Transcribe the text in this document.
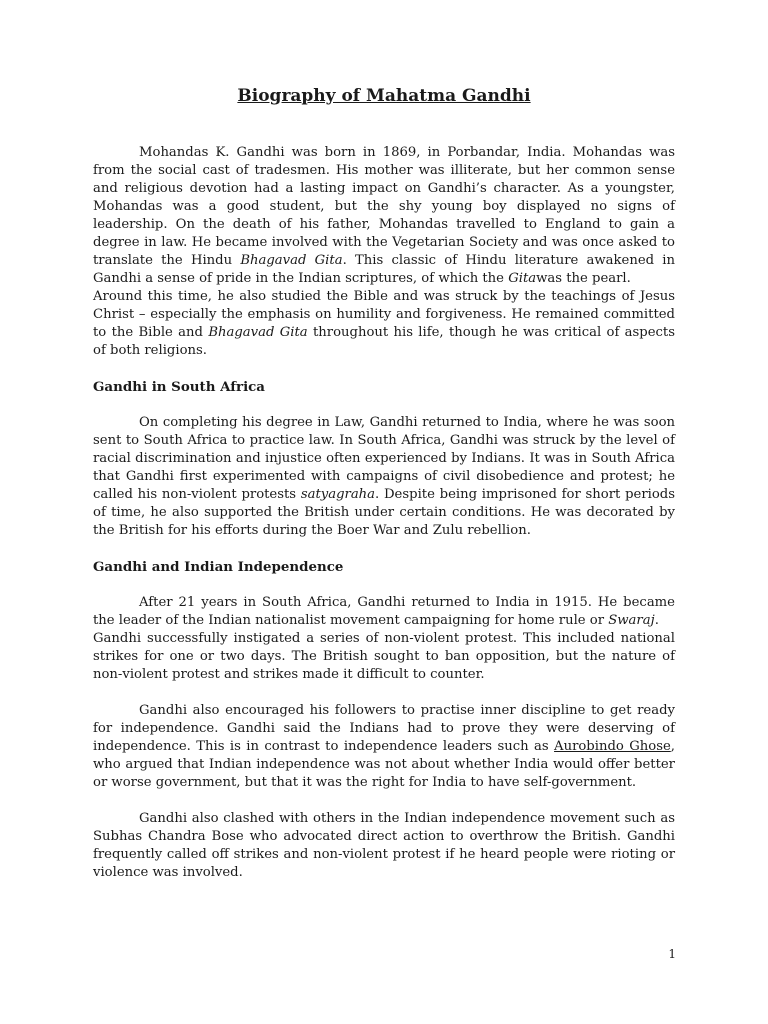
Biography of Mahatma Gandhi

Mohandas K. Gandhi was born in 1869, in Porbandar, India. Mohandas was from the social cast of tradesmen. His mother was illiterate, but her common sense and religious devotion had a lasting impact on Gandhi’s character. As a youngster, Mohandas was a good student, but the shy young boy displayed no signs of leadership. On the death of his father, Mohandas travelled to England to gain a degree in law. He became involved with the Vegetarian Society and was once asked to translate the Hindu Bhagavad Gita. This classic of Hindu literature awakened in Gandhi a sense of pride in the Indian scriptures, of which the Gitawas the pearl.

Around this time, he also studied the Bible and was struck by the teachings of Jesus Christ – especially the emphasis on humility and forgiveness. He remained committed to the Bible and Bhagavad Gita throughout his life, though he was critical of aspects of both religions.

Gandhi in South Africa

On completing his degree in Law, Gandhi returned to India, where he was soon sent to South Africa to practice law. In South Africa, Gandhi was struck by the level of racial discrimination and injustice often experienced by Indians. It was in South Africa that Gandhi first experimented with campaigns of civil disobedience and protest; he called his non-violent protests satyagraha. Despite being imprisoned for short periods of time, he also supported the British under certain conditions. He was decorated by the British for his efforts during the Boer War and Zulu rebellion.

Gandhi and Indian Independence

After 21 years in South Africa, Gandhi returned to India in 1915. He became the leader of the Indian nationalist movement campaigning for home rule or Swaraj.

Gandhi successfully instigated a series of non-violent protest. This included national strikes for one or two days. The British sought to ban opposition, but the nature of non-violent protest and strikes made it difficult to counter.

Gandhi also encouraged his followers to practise inner discipline to get ready for independence. Gandhi said the Indians had to prove they were deserving of independence. This is in contrast to independence leaders such as Aurobindo Ghose, who argued that Indian independence was not about whether India would offer better or worse government, but that it was the right for India to have self-government.

Gandhi also clashed with others in the Indian independence movement such as Subhas Chandra Bose who advocated direct action to overthrow the British. Gandhi frequently called off strikes and non-violent protest if he heard people were rioting or violence was involved.

1
